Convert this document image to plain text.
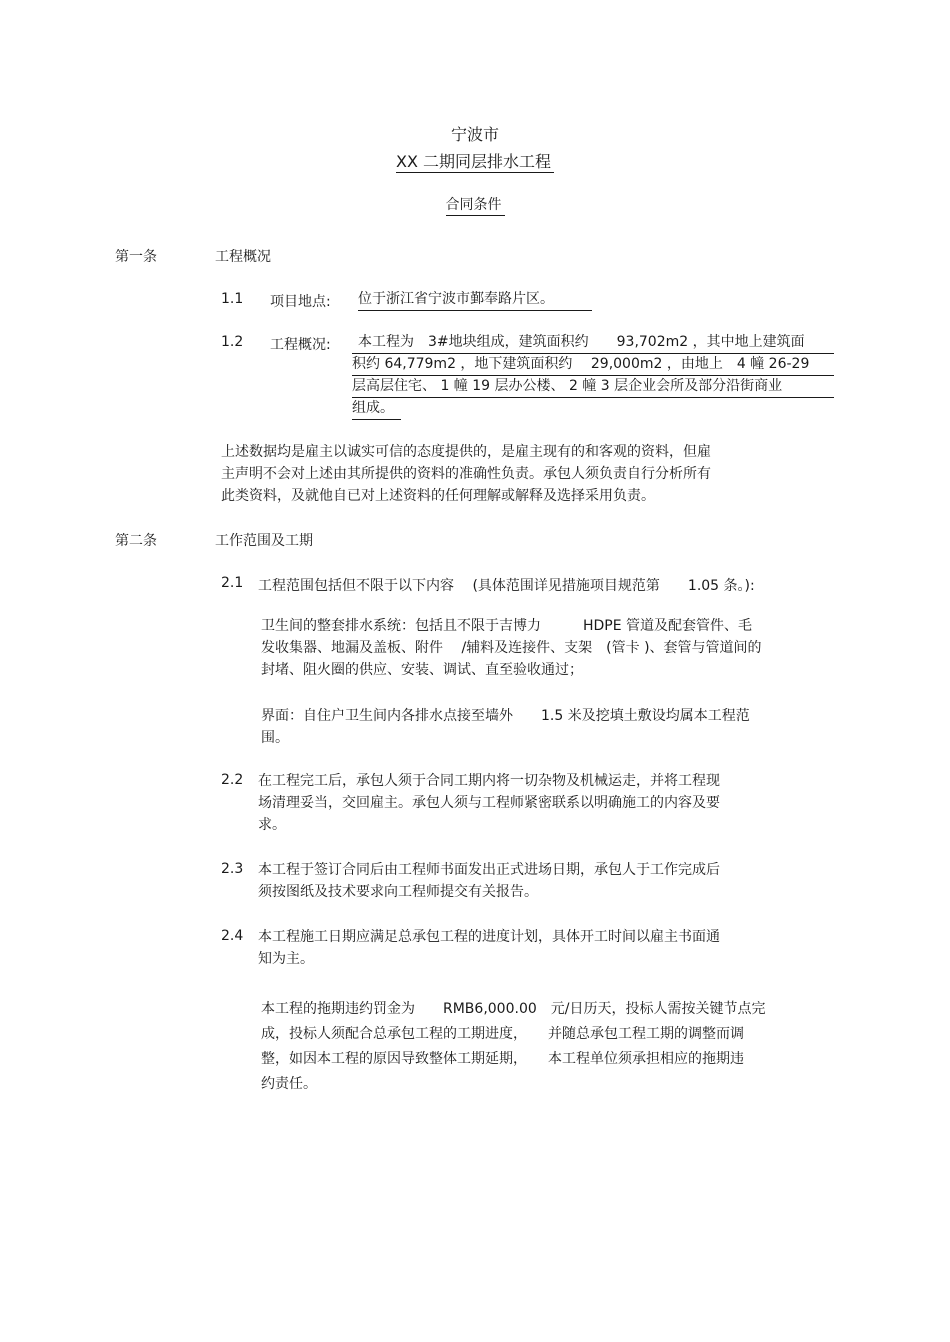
宁波市
XX 二期同层排水工程
合同条件
第一条	工程概况
1.1 项目地点: 位于浙江省宁波市鄞奉路片区。
1.2 工程概况:	本工程为　3#地块组成，建筑面积约　　93,702m2 ，其中地上建筑面
积约 64,779m2 ，地下建筑面积约　 29,000m2 ，由地上　4 幢 26-29
层高层住宅、 1 幢 19 层办公楼、 2 幢 3 层企业会所及部分沿街商业
组成。
上述数据均是雇主以诚实可信的态度提供的，是雇主现有的和客观的资料，但雇
主声明不会对上述由其所提供的资料的准确性负责。承包人须负责自行分析所有
此类资料，及就他自已对上述资料的任何理解或解释及选择采用负责。
第二条	工作范围及工期
2.1 工程范围包括但不限于以下内容　 (具体范围详见措施项目规范第　　1.05 条。):
卫生间的整套排水系统：包括且不限于吉博力　　　HDPE 管道及配套管件、毛
发收集器、地漏及盖板、附件　 /辅料及连接件、支架　(管卡 )、套管与管道间的
封堵、阻火圈的供应、安装、调试、直至验收通过；
界面：自住户卫生间内各排水点接至墙外　　1.5 米及挖填土敷设均属本工程范
围。
2.2 在工程完工后，承包人须于合同工期内将一切杂物及机械运走，并将工程现
场清理妥当，交回雇主。承包人须与工程师紧密联系以明确施工的内容及要
求。
2.3 本工程于签订合同后由工程师书面发出正式进场日期，承包人于工作完成后
须按图纸及技术要求向工程师提交有关报告。
2.4 本工程施工日期应满足总承包工程的进度计划，具体开工时间以雇主书面通
知为主。
本工程的拖期违约罚金为　　RMB6,000.00　元/日历天，投标人需按关键节点完
成，投标人须配合总承包工程的工期进度，　　并随总承包工程工期的调整而调
整，如因本工程的原因导致整体工期延期，　　本工程单位须承担相应的拖期违
约责任。
